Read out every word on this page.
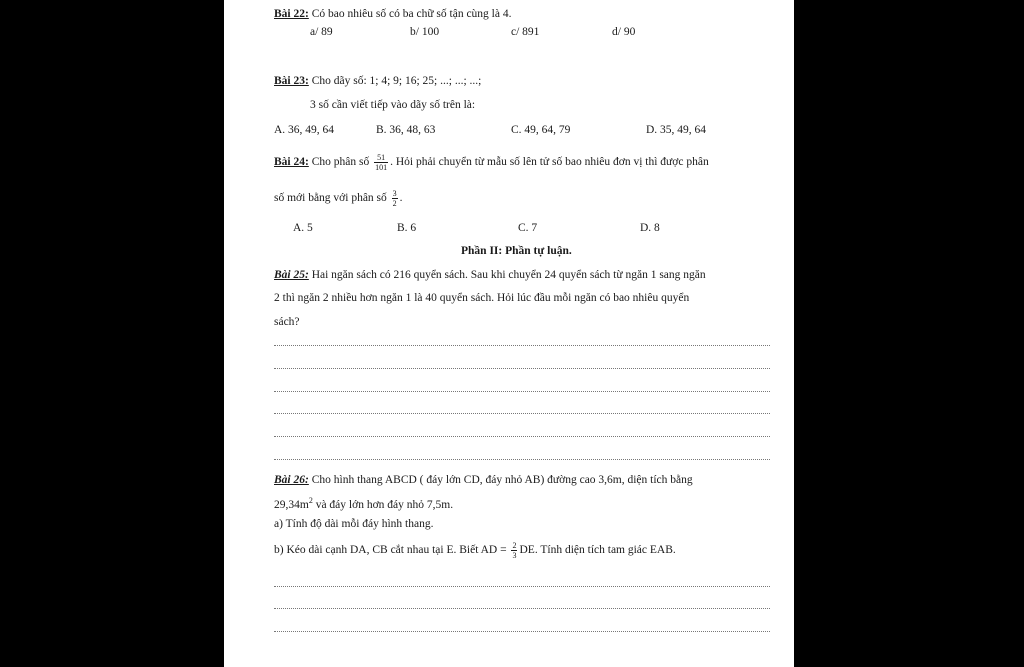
Bài 22: Có bao nhiêu số có ba chữ số tận cùng là 4.
a/ 89	b/ 100	c/ 891	d/ 90
Bài 23: Cho dãy số: 1; 4; 9; 16; 25; ...; ...; ...;
3 số cần viết tiếp vào dãy số trên là:
A. 36, 49, 64	B. 36, 48, 63	C. 49, 64, 79	D. 35, 49, 64
Bài 24: Cho phân số $\frac{51}{101}$ . Hỏi phải chuyển từ mẫu số lên tử số bao nhiêu đơn vị thì được phân
số mới bằng với phân số $\frac{3}{2}$ .
A. 5	B. 6	C. 7	D. 8
Phần II: Phần tự luận.
Bài 25: Hai ngăn sách có 216 quyển sách. Sau khi chuyển 24 quyển sách từ ngăn 1 sang ngăn
2 thì ngăn 2 nhiều hơn ngăn 1 là 40 quyển sách. Hỏi lúc đầu mỗi ngăn có bao nhiêu quyển
sách?
Bài 26: Cho hình thang ABCD ( đáy lớn CD, đáy nhỏ AB) đường cao 3,6m, diện tích bằng
$29,34m^2$ và đáy lớn hơn đáy nhỏ 7,5m.
a) Tính độ dài mỗi đáy hình thang.
b) Kéo dài cạnh DA, CB cắt nhau tại E. Biết AD = $\frac{2}{3}$ DE. Tính diện tích tam giác EAB.
